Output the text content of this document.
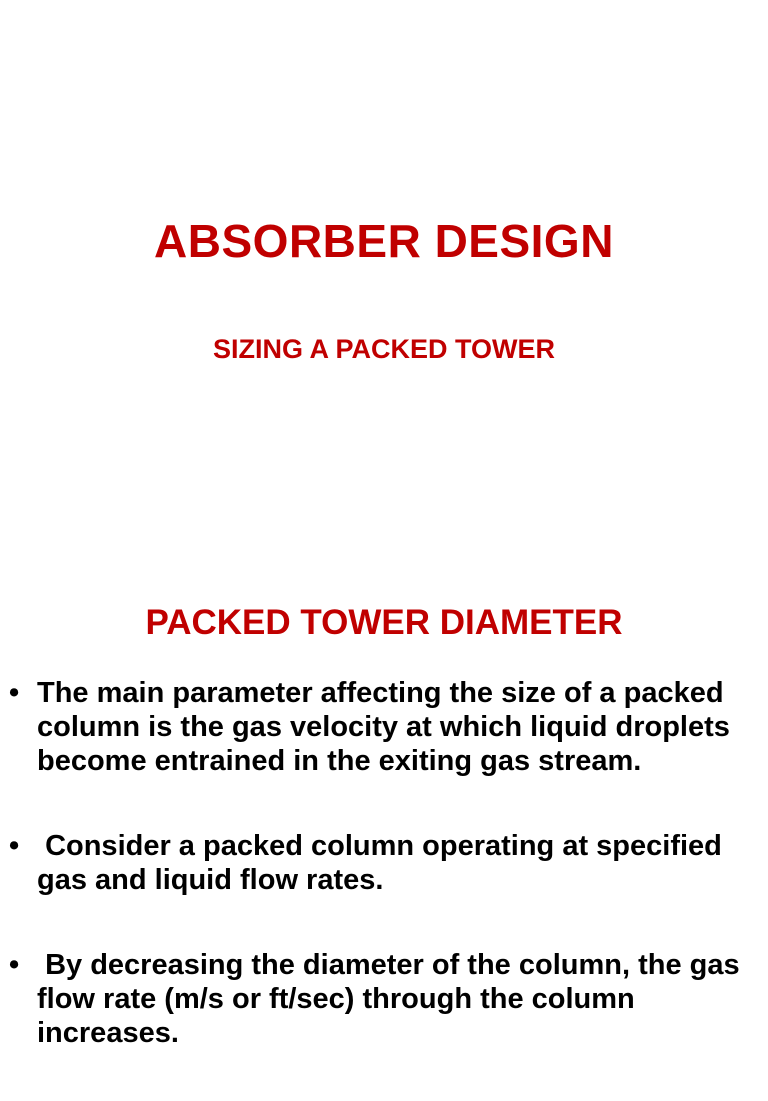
ABSORBER DESIGN
SIZING A PACKED TOWER
PACKED TOWER DIAMETER
• The main parameter affecting the size of a packed column is the gas velocity at which liquid droplets become entrained in the exiting gas stream.
• Consider a packed column operating at specified gas and liquid flow rates.
• By decreasing the diameter of the column, the gas flow rate (m/s or ft/sec) through the column increases.
